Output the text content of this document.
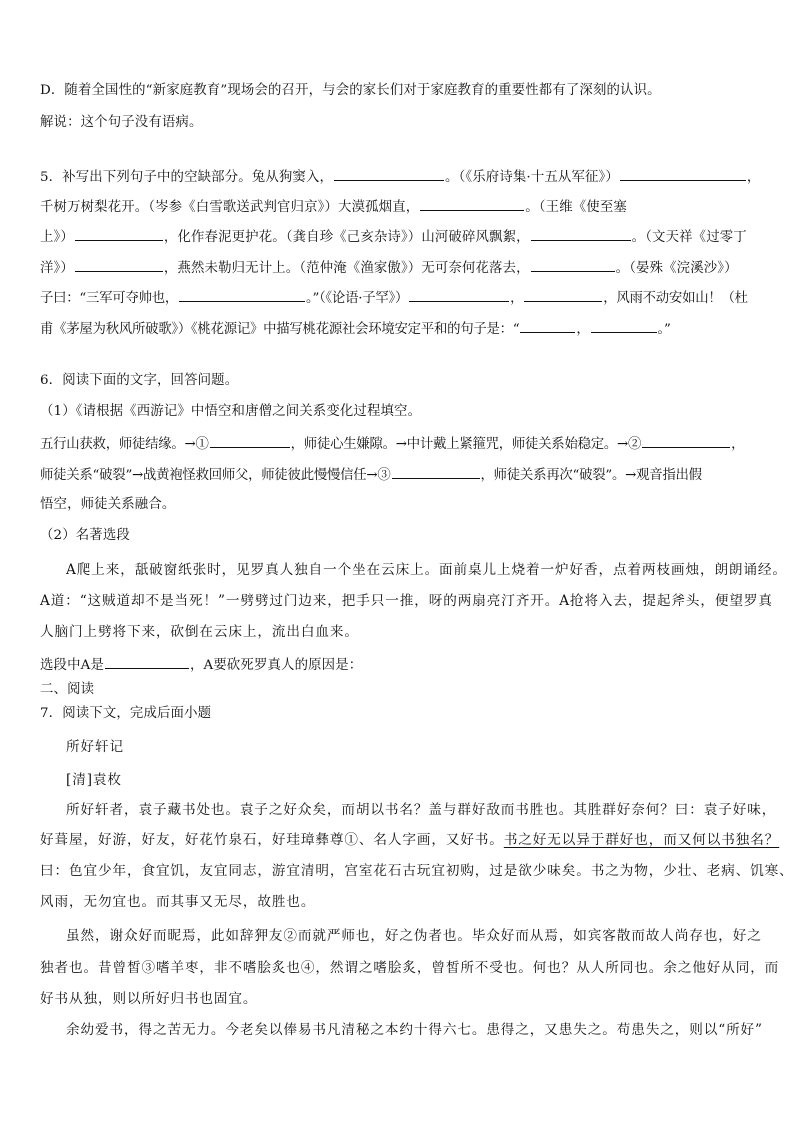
D．随着全国性的“新家庭教育”现场会的召开，与会的家长们对于家庭教育的重要性都有了深刻的认识。
解说：这个句子没有语病。
5．补写出下列句子中的空缺部分。兔从狗窦入，	。（《乐府诗集·十五从军征》）	，
千树万树梨花开。（岑参《白雪歌送武判官归京》）大漠孤烟直，	。（王维《使至塞
上》）	，化作春泥更护花。（龚自珍《己亥杂诗》）山河破碎风飘絮，	。（文天祥《过零丁
洋》）	，燕然未勒归无计上。（范仲淹《渔家傲》）无可奈何花落去，	。（晏殊《浣溪沙》）
子曰：“三军可夺帅也，	。”（《论语·子罕》）	，	，风雨不动安如山！（杜
甫《茅屋为秋风所破歌》）《桃花源记》中描写桃花源社会环境安定平和的句子是：“	，	。”
6．阅读下面的文字，回答问题。
（1）《请根据《西游记》中悟空和唐僧之间关系变化过程填空。
五行山获救，师徒结缘。→①	，师徒心生嫌隙。→中计戴上紧箍咒，师徒关系始稳定。→②	，
师徒关系“破裂”→战黄袍怪救回师父，师徒彼此慢慢信任→③	，师徒关系再次“破裂”。→观音指出假
悟空，师徒关系融合。
（2）名著选段
A爬上来，舐破窗纸张时，见罗真人独自一个坐在云床上。面前桌儿上烧着一炉好香，点着两枝画烛，朗朗诵经。
A道：“这贼道却不是当死！”一劈劈过门边来，把手只一推，呀的两扇亮汀齐开。A抢将入去，提起斧头，便望罗真
人脑门上劈将下来，砍倒在云床上，流出白血来。
选段中A是	，A要砍死罗真人的原因是：
二、阅读
7．阅读下文，完成后面小题
所好轩记
[清]袁枚
所好轩者，袁子藏书处也。袁子之好众矣，而胡以书名？盖与群好敌而书胜也。其胜群好奈何？曰：袁子好味，
好葺屋，好游，好友，好花竹泉石，好珪璋彝尊①、名人字画，又好书。书之好无以异于群好也，而又何以书独名？
曰：色宜少年，食宜饥，友宜同志，游宜清明，宫室花石古玩宜初购，过是欲少味矣。书之为物，少壮、老病、饥寒、
风雨，无勿宜也。而其事又无尽，故胜也。
虽然，谢众好而昵焉，此如辞狎友②而就严师也，好之伪者也。毕众好而从焉，如宾客散而故人尚存也，好之
独者也。昔曾皙③嗜羊枣，非不嗜脍炙也④，然谓之嗜脍炙，曾皙所不受也。何也？从人所同也。余之他好从同，而
好书从独，则以所好归书也固宜。
余幼爱书，得之苦无力。今老矣以俸易书凡清秘之本约十得六七。患得之，又患失之。苟患失之，则以“所好”
